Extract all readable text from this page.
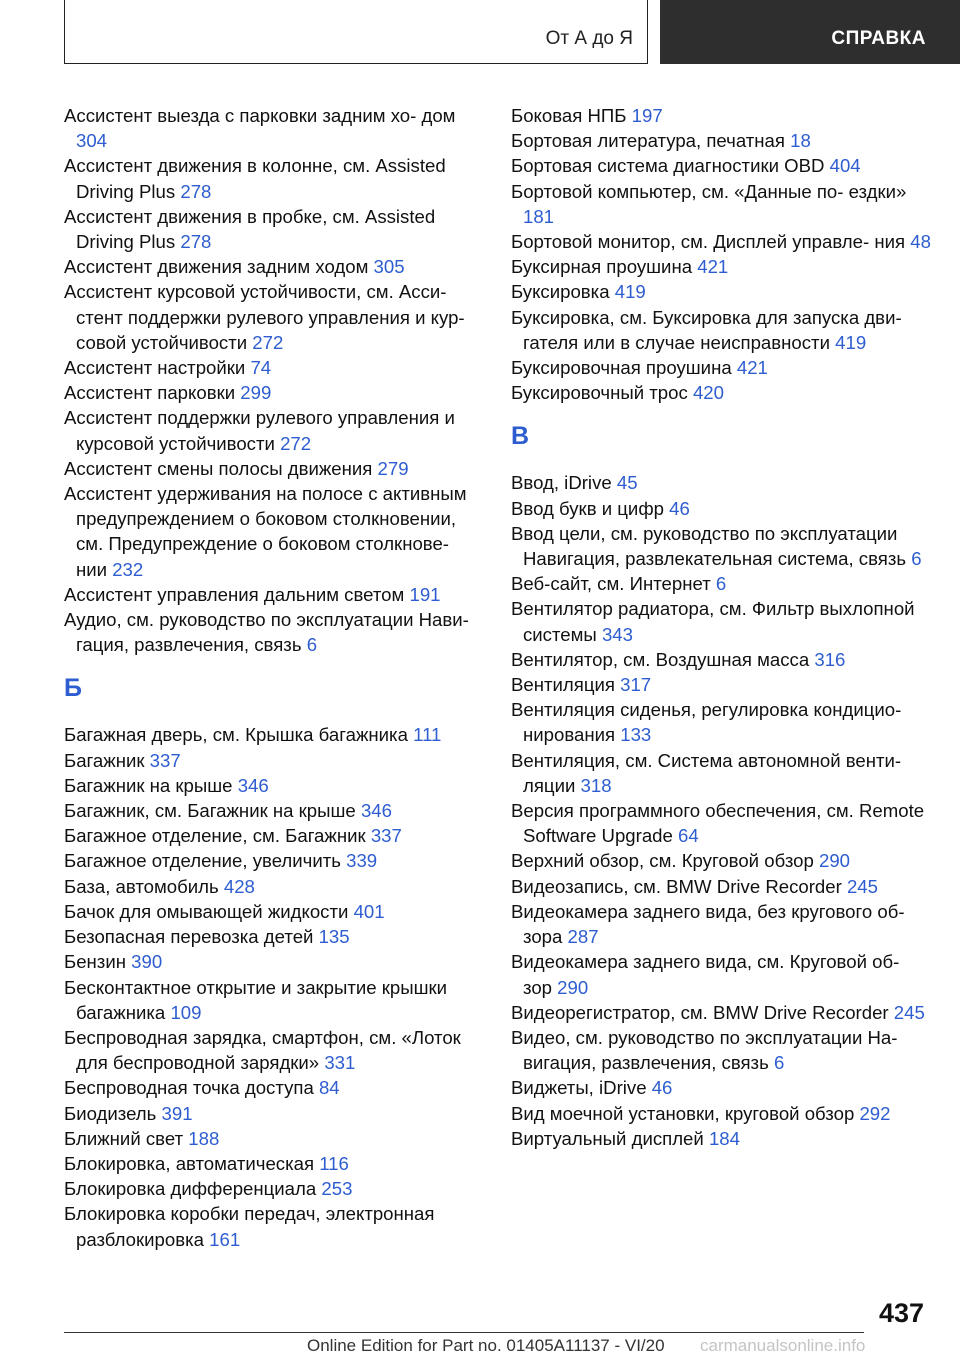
От А до Я	СПРАВКА

Ассистент выезда с парковки задним хо‐ дом 304

Ассистент движения в колонне, см. Assisted Driving Plus 278

Ассистент движения в пробке, см. Assisted Driving Plus 278

Ассистент движения задним ходом 305

Ассистент курсовой устойчивости, см. Асси‐ стент поддержки рулевого управления и кур‐ совой устойчивости 272

Ассистент настройки 74

Ассистент парковки 299

Ассистент поддержки рулевого управления и курсовой устойчивости 272

Ассистент смены полосы движения 279

Ассистент удерживания на полосе с активным предупреждением о боковом столкновении, см. Предупреждение о боковом столкнове‐ нии 232

Ассистент управления дальним светом 191

Аудио, см. руководство по эксплуатации Нави‐ гация, развлечения, связь 6

Б

Багажная дверь, см. Крышка багажника 111

Багажник 337

Багажник на крыше 346

Багажник, см. Багажник на крыше 346

Багажное отделение, см. Багажник 337

Багажное отделение, увеличить 339

База, автомобиль 428

Бачок для омывающей жидкости 401

Безопасная перевозка детей 135

Бензин 390

Бесконтактное открытие и закрытие крышки багажника 109

Беспроводная зарядка, смартфон, см. «Лоток для беспроводной зарядки» 331

Беспроводная точка доступа 84

Биодизель 391

Ближний свет 188

Блокировка, автоматическая 116

Блокировка дифференциала 253

Блокировка коробки передач, электронная разблокировка 161

Боковая НПБ 197

Бортовая литература, печатная 18

Бортовая система диагностики OBD 404

Бортовой компьютер, см. «Данные по‐ ездки» 181

Бортовой монитор, см. Дисплей управле‐ ния 48

Буксирная проушина 421

Буксировка 419

Буксировка, см. Буксировка для запуска дви‐ гателя или в случае неисправности 419

Буксировочная проушина 421

Буксировочный трос 420

В

Ввод, iDrive 45

Ввод букв и цифр 46

Ввод цели, см. руководство по эксплуатации Навигация, развлекательная система, связь 6

Веб-сайт, см. Интернет 6

Вентилятор радиатора, см. Фильтр выхлопной системы 343

Вентилятор, см. Воздушная масса 316

Вентиляция 317

Вентиляция сиденья, регулировка кондицио‐ нирования 133

Вентиляция, см. Система автономной венти‐ ляции 318

Версия программного обеспечения, см. Remote Software Upgrade 64

Верхний обзор, см. Круговой обзор 290

Видеозапись, см. BMW Drive Recorder 245

Видеокамера заднего вида, без кругового об‐ зора 287

Видеокамера заднего вида, см. Круговой об‐ зор 290

Видеорегистратор, см. BMW Drive Recorder 245

Видео, см. руководство по эксплуатации На‐ вигация, развлечения, связь 6

Виджеты, iDrive 46

Вид моечной установки, круговой обзор 292

Виртуальный дисплей 184

437
Online Edition for Part no. 01405A11137 - VI/20 carmanualsonline.info
